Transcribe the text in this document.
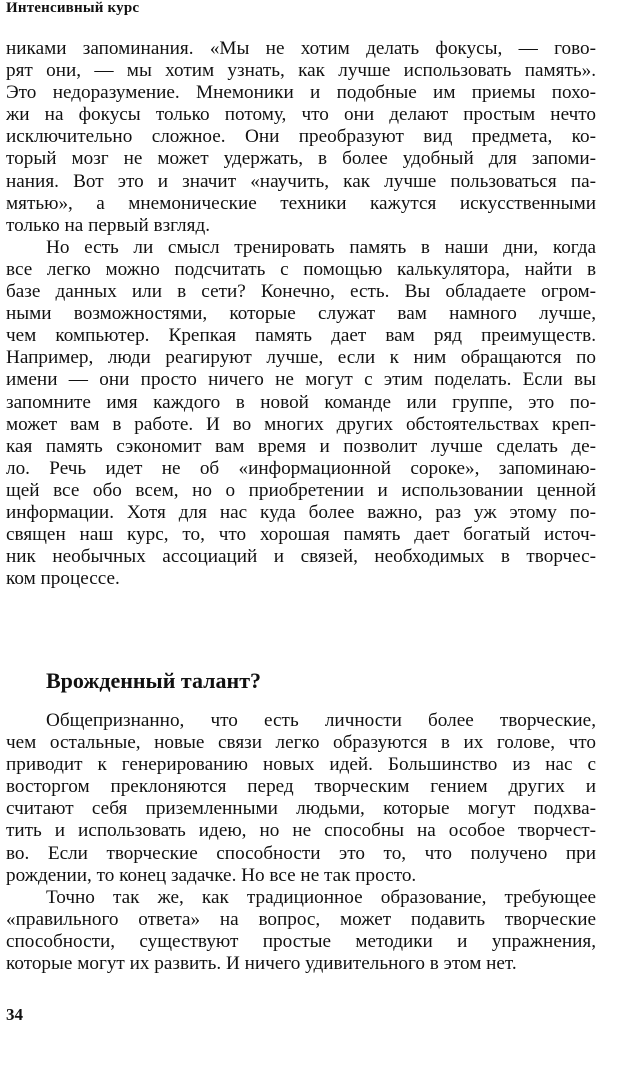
Интенсивный курс
никами запоминания. «Мы не хотим делать фокусы, — гово-
рят они, — мы хотим узнать, как лучше использовать память».
Это недоразумение. Мнемоники и подобные им приемы похо-
жи на фокусы только потому, что они делают простым нечто
исключительно сложное. Они преобразуют вид предмета, ко-
торый мозг не может удержать, в более удобный для запоми-
нания. Вот это и значит «научить, как лучше пользоваться па-
мятью», а мнемонические техники кажутся искусственными
только на первый взгляд.
Но есть ли смысл тренировать память в наши дни, когда
все легко можно подсчитать с помощью калькулятора, найти в
базе данных или в сети? Конечно, есть. Вы обладаете огром-
ными возможностями, которые служат вам намного лучше,
чем компьютер. Крепкая память дает вам ряд преимуществ.
Например, люди реагируют лучше, если к ним обращаются по
имени — они просто ничего не могут с этим поделать. Если вы
запомните имя каждого в новой команде или группе, это по-
может вам в работе. И во многих других обстоятельствах креп-
кая память сэкономит вам время и позволит лучше сделать де-
ло. Речь идет не об «информационной сороке», запоминаю-
щей все обо всем, но о приобретении и использовании ценной
информации. Хотя для нас куда более важно, раз уж этому по-
священ наш курс, то, что хорошая память дает богатый источ-
ник необычных ассоциаций и связей, необходимых в творчес-
ком процессе.
Врожденный талант?
Общепризнанно, что есть личности более творческие,
чем остальные, новые связи легко образуются в их голове, что
приводит к генерированию новых идей. Большинство из нас с
восторгом преклоняются перед творческим гением других и
считают себя приземленными людьми, которые могут подхва-
тить и использовать идею, но не способны на особое творчест-
во. Если творческие способности это то, что получено при
рождении, то конец задачке. Но все не так просто.
Точно так же, как традиционное образование, требующее
«правильного ответа» на вопрос, может подавить творческие
способности, существуют простые методики и упражнения,
которые могут их развить. И ничего удивительного в этом нет.
34
